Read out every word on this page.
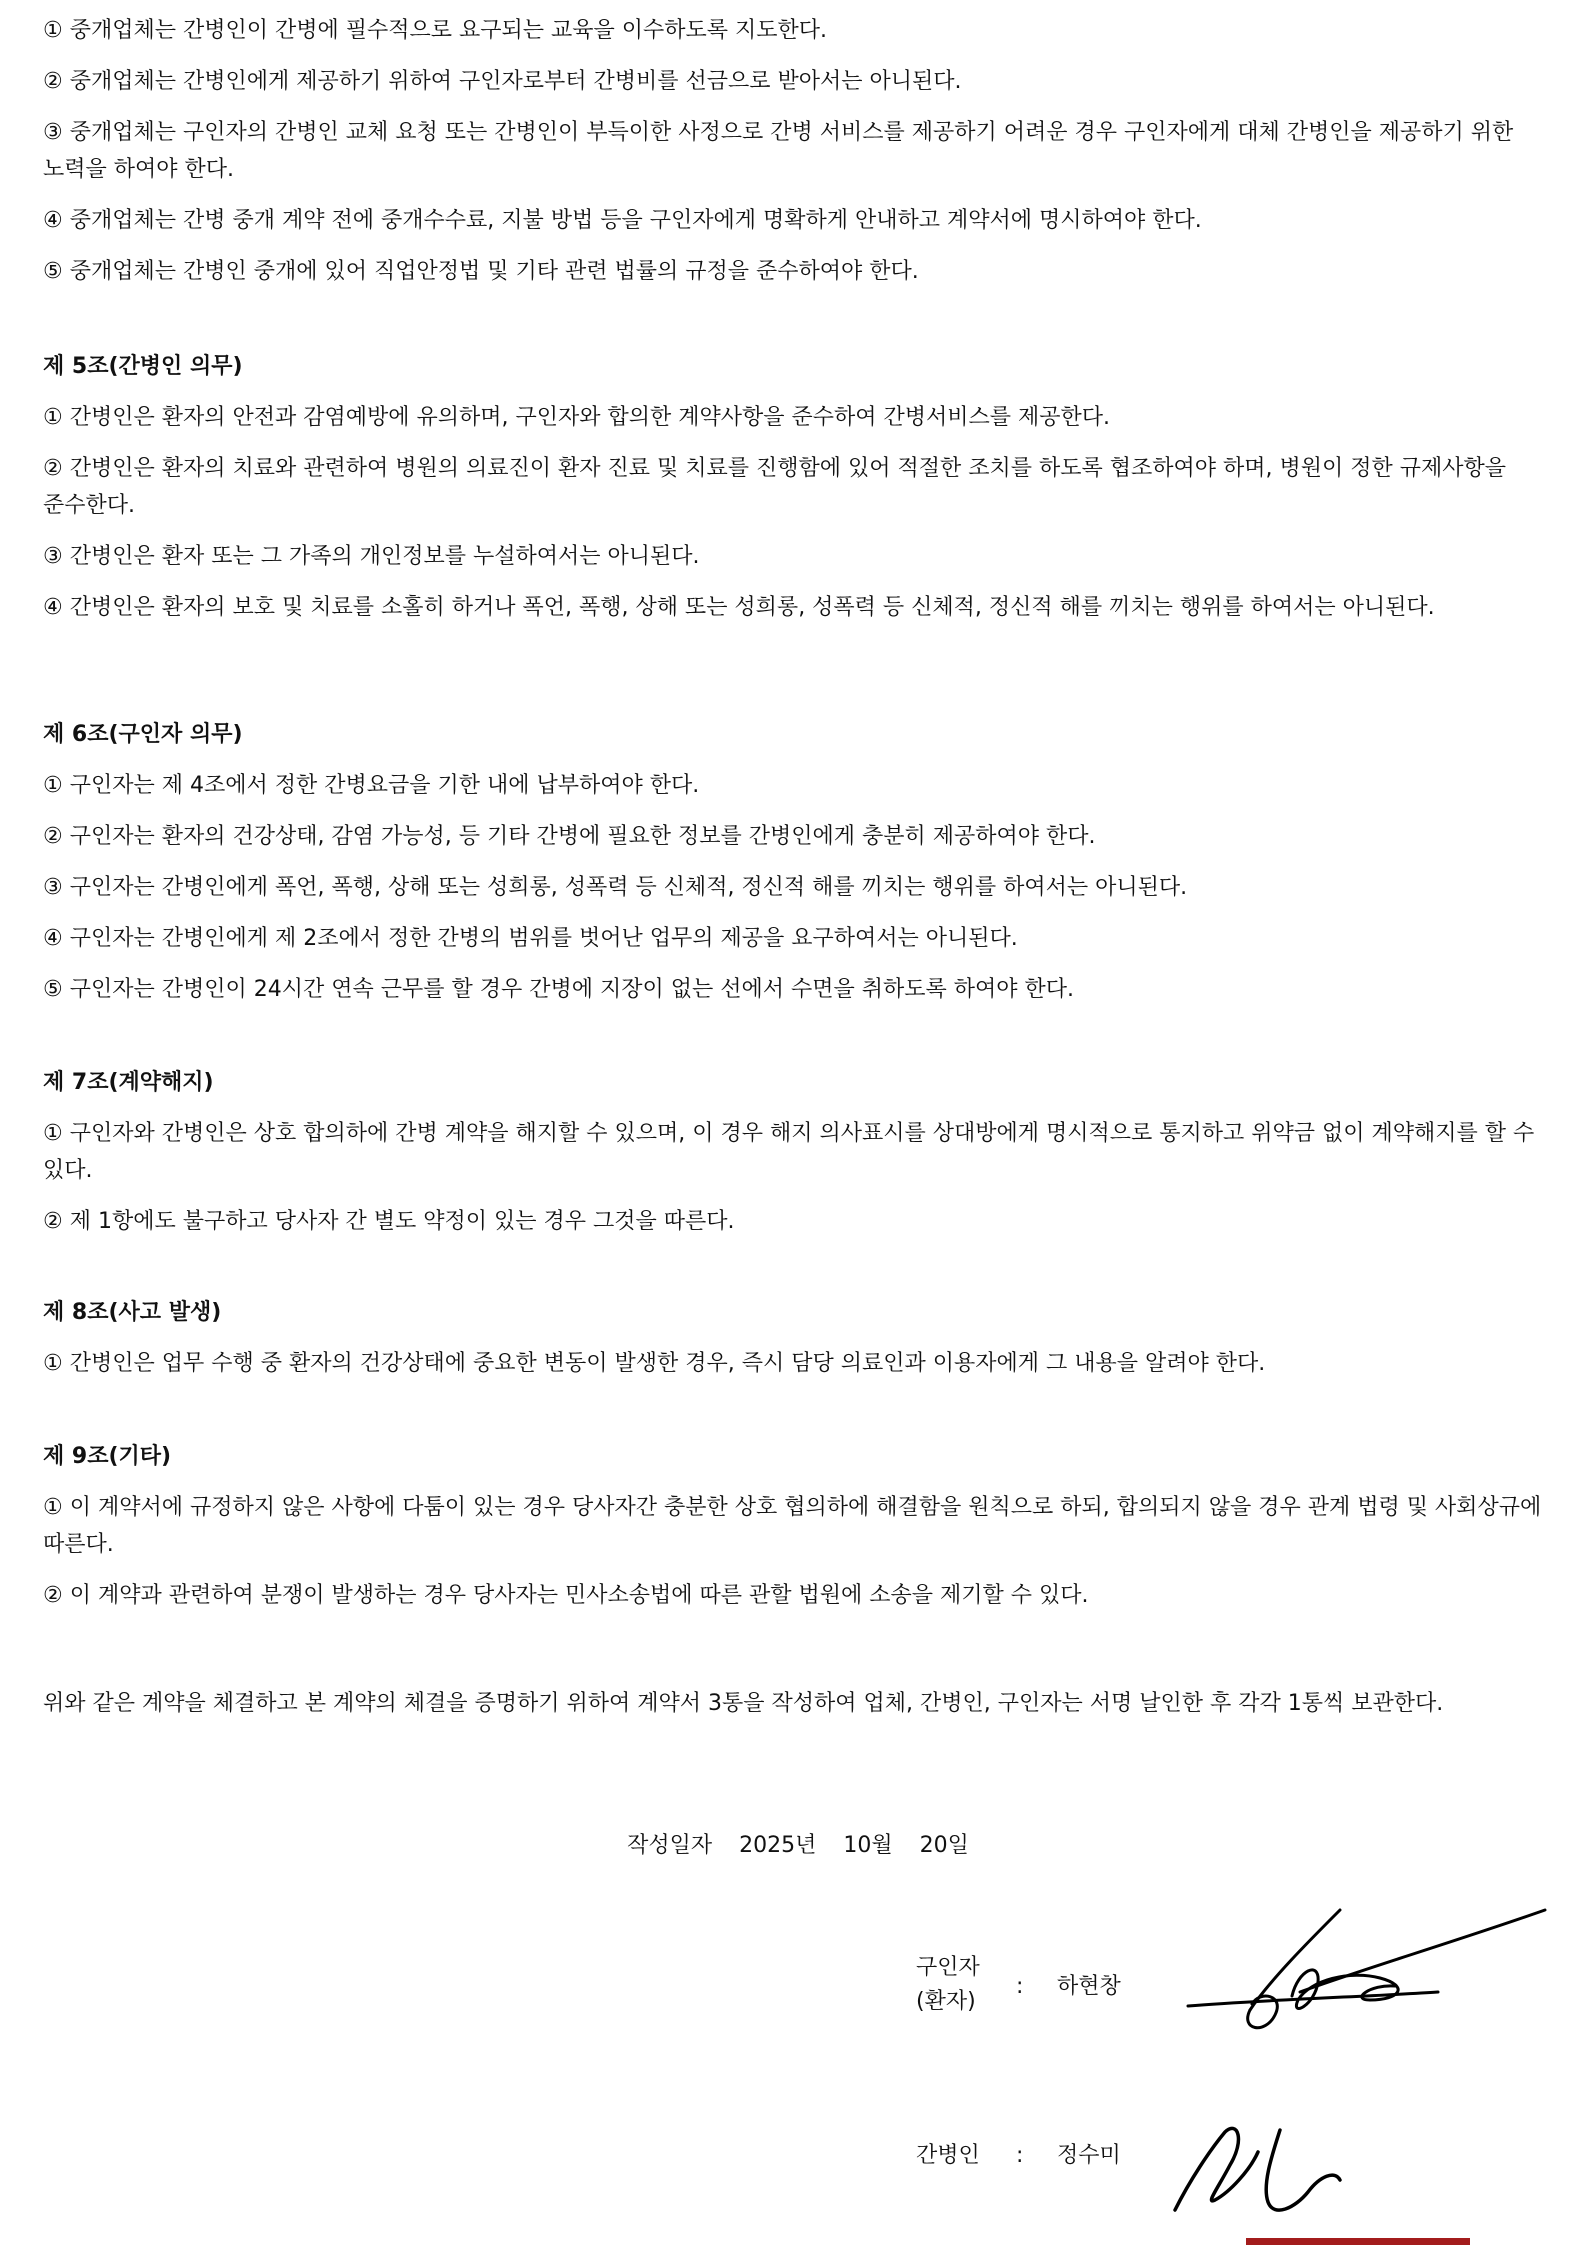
① 중개업체는 간병인이 간병에 필수적으로 요구되는 교육을 이수하도록 지도한다.

② 중개업체는 간병인에게 제공하기 위하여 구인자로부터 간병비를 선금으로 받아서는 아니된다.

③ 중개업체는 구인자의 간병인 교체 요청 또는 간병인이 부득이한 사정으로 간병 서비스를 제공하기 어려운 경우 구인자에게 대체 간병인을 제공하기 위한 노력을 하여야 한다.

④ 중개업체는 간병 중개 계약 전에 중개수수료, 지불 방법 등을 구인자에게 명확하게 안내하고 계약서에 명시하여야 한다.

⑤ 중개업체는 간병인 중개에 있어 직업안정법 및 기타 관련 법률의 규정을 준수하여야 한다.

제 5조(간병인 의무)

① 간병인은 환자의 안전과 감염예방에 유의하며, 구인자와 합의한 계약사항을 준수하여 간병서비스를 제공한다.

② 간병인은 환자의 치료와 관련하여 병원의 의료진이 환자 진료 및 치료를 진행함에 있어 적절한 조치를 하도록 협조하여야 하며, 병원이 정한 규제사항을 준수한다.

③ 간병인은 환자 또는 그 가족의 개인정보를 누설하여서는 아니된다.

④ 간병인은 환자의 보호 및 치료를 소홀히 하거나 폭언, 폭행, 상해 또는 성희롱, 성폭력 등 신체적, 정신적 해를 끼치는 행위를 하여서는 아니된다.

제 6조(구인자 의무)

① 구인자는 제 4조에서 정한 간병요금을 기한 내에 납부하여야 한다.

② 구인자는 환자의 건강상태, 감염 가능성, 등 기타 간병에 필요한 정보를 간병인에게 충분히 제공하여야 한다.

③ 구인자는 간병인에게 폭언, 폭행, 상해 또는 성희롱, 성폭력 등 신체적, 정신적 해를 끼치는 행위를 하여서는 아니된다.

④ 구인자는 간병인에게 제 2조에서 정한 간병의 범위를 벗어난 업무의 제공을 요구하여서는 아니된다.

⑤ 구인자는 간병인이 24시간 연속 근무를 할 경우 간병에 지장이 없는 선에서 수면을 취하도록 하여야 한다.

제 7조(계약해지)

① 구인자와 간병인은 상호 합의하에 간병 계약을 해지할 수 있으며, 이 경우 해지 의사표시를 상대방에게 명시적으로 통지하고 위약금 없이 계약해지를 할 수 있다.

② 제 1항에도 불구하고 당사자 간 별도 약정이 있는 경우 그것을 따른다.

제 8조(사고 발생)

① 간병인은 업무 수행 중 환자의 건강상태에 중요한 변동이 발생한 경우, 즉시 담당 의료인과 이용자에게 그 내용을 알려야 한다.

제 9조(기타)

① 이 계약서에 규정하지 않은 사항에 다툼이 있는 경우 당사자간 충분한 상호 협의하에 해결함을 원칙으로 하되, 합의되지 않을 경우 관계 법령 및 사회상규에 따른다.

② 이 계약과 관련하여 분쟁이 발생하는 경우 당사자는 민사소송법에 따른 관할 법원에 소송을 제기할 수 있다.

위와 같은 계약을 체결하고 본 계약의 체결을 증명하기 위하여 계약서 3통을 작성하여 업체, 간병인, 구인자는 서명 날인한 후 각각 1통씩 보관한다.

작성일자 2025년 10월 20일
구인자
(환자)
: 하현창
간병인 : 정수미
